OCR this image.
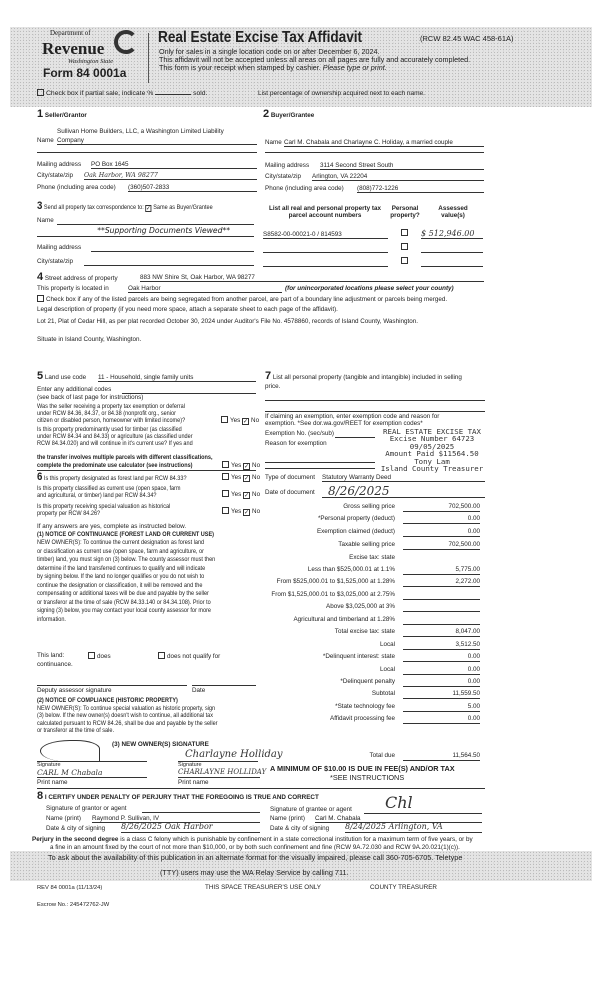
Department of
Revenue
Washington State
Form 84 0001a
Real Estate Excise Tax Affidavit	(RCW 82.45 WAC 458-61A)
Only for sales in a single location code on or after December 6, 2024.
This affidavit will not be accepted unless all areas on all pages are fully and accurately completed.
This form is your receipt when stamped by cashier. Please type or print.
Check box if partial sale, indicate %	sold.	List percentage of ownership acquired next to each name.
1 Seller/Grantor
Sullivan Home Builders, LLC, a Washington Limited Liability
Name Company
Mailing address PO Box 1645
City/state/zip Oak Harbor, WA 98277
Phone (including area code) (360)507-2833
2 Buyer/Grantee
Name Carl M. Chabala and Charlayne C. Holiday, a married couple
Mailing address 3114 Second Street South
City/state/zip Arlington, VA 22204
Phone (including area code) (808)772-1226
3 Send all property tax correspondence to: ✓ Same as Buyer/Grantee
Name
**Supporting Documents Viewed**
Mailing address
City/state/zip
List all real and personal property tax parcel account numbers
Personal property?
Assessed value(s)
S8582-00-00021-0 / 814593	$ 512,946.00
4 Street address of property	883 NW Shire St, Oak Harbor, WA 98277
This property is located in	Oak Harbor	(for unincorporated locations please select your county)
Check box if any of the listed parcels are being segregated from another parcel, are part of a boundary line adjustment or parcels being merged.
Legal description of property (if you need more space, attach a separate sheet to each page of the affidavit).
Lot 21, Plat of Cedar Hill, as per plat recorded October 30, 2024 under Auditor's File No. 4578860, records of Island County, Washington.
Situate in Island County, Washington.
5 Land use code 11 - Household, single family units
Enter any additional codes
(see back of last page for instructions)
Was the seller receiving a property tax exemption or deferral
under RCW 84.36, 84.37, or 84.38 (nonprofit org., senior
citizen or disabled person, homeowner with limited income)?	Yes ✓ No
Is this property predominantly used for timber (as classified
under RCW 84.34 and 84.33) or agriculture (as classified under
RCW 84.34.020) and will continue in it's current use? If yes and
the transfer involves multiple parcels with different classifications,
complete the predominate use calculator (see instructions)	Yes ✓ No
7 List all personal property (tangible and intangible) included in selling
price.
If claiming an exemption, enter exemption code and reason for
exemption. *See dor.wa.gov/REET for exemption codes*
Exemption No. (sec/sub)
Reason for exemption
REAL ESTATE EXCISE TAX
Excise Number 64723
09/05/2025
Amount Paid $11564.50
Tony Lam
Island County Treasurer
6 Is this property designated as forest land per RCW 84.33?	Yes ✓ No
Is this property classified as current use (open space, farm
and agricultural, or timber) land per RCW 84.34?	Yes ✓ No
Is this property receiving special valuation as historical
property per RCW 84.26?	Yes ✓ No
If any answers are yes, complete as instructed below.
(1) NOTICE OF CONTINUANCE (FOREST LAND OR CURRENT USE)
NEW OWNER(S): To continue the current designation as forest land
or classification as current use (open space, farm and agriculture, or
timber) land, you must sign on (3) below. The county assessor must then
determine if the land transferred continues to qualify and will indicate
by signing below. If the land no longer qualifies or you do not wish to
continue the designation or classification, it will be removed and the
compensating or additional taxes will be due and payable by the seller
or transferor at the time of sale (RCW 84.33.140 or 84.34.108). Prior to
signing (3) below, you may contact your local county assessor for more
information.
This land:	does	does not qualify for
continuance.
Deputy assessor signature	Date
(2) NOTICE OF COMPLIANCE (HISTORIC PROPERTY)
NEW OWNER(S): To continue special valuation as historic property, sign
(3) below. If the new owner(s) doesn't wish to continue, all additional tax
calculated pursuant to RCW 84.26, shall be due and payable by the seller
or transferor at the time of sale.
(3) NEW OWNER(S) SIGNATURE
Charlayne Holliday
Signature	Signature
CARL M Chabala	CHARLAYNE HOLLIDAY
Print name	Print name
Type of document Statutory Warranty Deed
Date of document	8/26/2025
Gross selling price	702,500.00
*Personal property (deduct)	0.00
Exemption claimed (deduct)	0.00
Taxable selling price	702,500.00
Excise tax: state
Less than $525,000.01 at 1.1%	5,775.00
From $525,000.01 to $1,525,000 at 1.28%	2,272.00
From $1,525,000.01 to $3,025,000 at 2.75%
Above $3,025,000 at 3%
Agricultural and timberland at 1.28%
Total excise tax: state	8,047.00
Local	3,512.50
*Delinquent interest: state	0.00
Local	0.00
*Delinquent penalty	0.00
Subtotal	11,559.50
*State technology fee	5.00
Affidavit processing fee	0.00
Total due	11,564.50
A MINIMUM OF $10.00 IS DUE IN FEE(S) AND/OR TAX
*SEE INSTRUCTIONS
8 I CERTIFY UNDER PENALTY OF PERJURY THAT THE FOREGOING IS TRUE AND CORRECT
Signature of grantor or agent
Name (print) Raymond P. Sullivan, IV
Date & city of signing 8/26/2025 Oak Harbor
Signature of grantee or agent Chl
Name (print) Carl M. Chabala
Date & city of signing 8/24/2025 Arlington, VA
Perjury in the second degree is a class C felony which is punishable by confinement in a state correctional institution for a maximum term of five years, or by
a fine in an amount fixed by the court of not more than $10,000, or by both such confinement and fine (RCW 9A.72.030 and RCW 9A.20.021(1)(c)).
To ask about the availability of this publication in an alternate format for the visually impaired, please call 360-705-6705. Teletype
(TTY) users may use the WA Relay Service by calling 711.
REV 84 0001a (11/13/24)	THIS SPACE TREASURER'S USE ONLY	COUNTY TREASURER
Escrow No.: 245472762-JW
